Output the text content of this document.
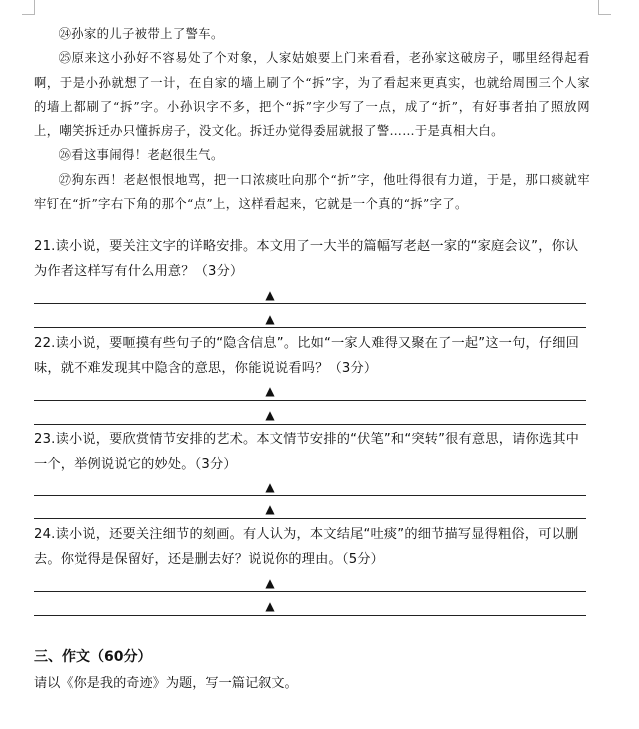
㉔孙家的儿子被带上了警车。

㉕原来这小孙好不容易处了个对象，人家姑娘要上门来看看，老孙家这破房子，哪里经得起看啊，于是小孙就想了一计，在自家的墙上刷了个“拆”字，为了看起来更真实，也就给周围三个人家的墙上都刷了“拆”字。小孙识字不多，把个“拆”字少写了一点，成了“折”，有好事者拍了照放网上，嘲笑拆迁办只懂拆房子，没文化。拆迁办觉得委屈就报了警……于是真相大白。

㉖看这事闹得！老赵很生气。

㉗狗东西！老赵恨恨地骂，把一口浓痰吐向那个“折”字，他吐得很有力道，于是，那口痰就牢牢钉在“折”字右下角的那个“点”上，这样看起来，它就是一个真的“拆”字了。

21.读小说，要关注文字的详略安排。本文用了一大半的篇幅写老赵一家的“家庭会议”，你认为作者这样写有什么用意？（3分）

▲
▲

22.读小说，要咂摸有些句子的“隐含信息”。比如“一家人难得又聚在了一起”这一句，仔细回味，就不难发现其中隐含的意思，你能说说看吗？（3分）

▲
▲

23.读小说，要欣赏情节安排的艺术。本文情节安排的“伏笔”和“突转”很有意思，请你选其中一个，举例说说它的妙处。（3分）

▲
▲

24.读小说，还要关注细节的刻画。有人认为，本文结尾“吐痰”的细节描写显得粗俗，可以删去。你觉得是保留好，还是删去好？说说你的理由。（5分）

▲
▲

三、作文（60分）

请以《你是我的奇迹》为题，写一篇记叙文。
